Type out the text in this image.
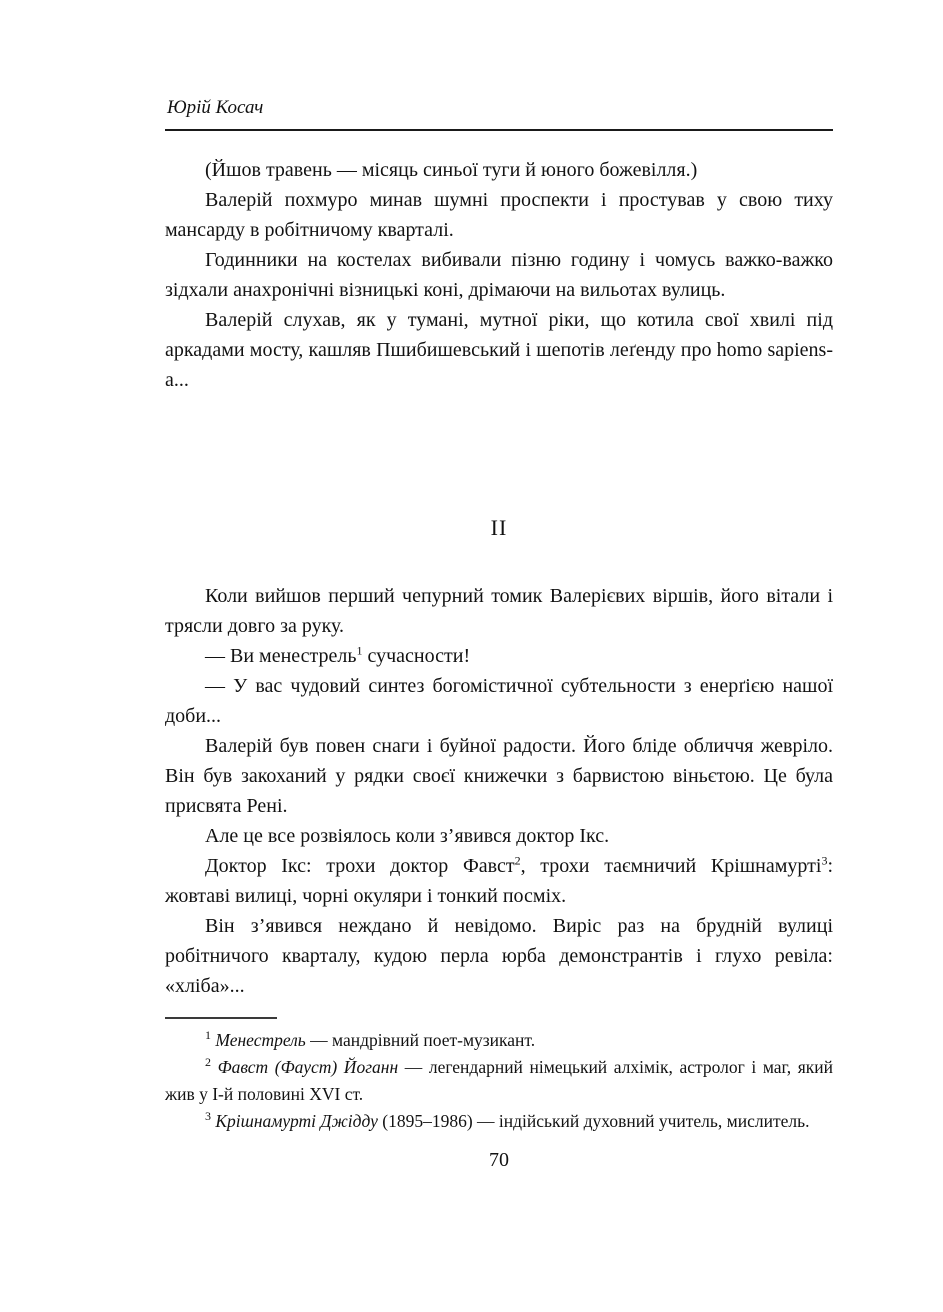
Юрій Косач

(Йшов травень — місяць синьої туги й юного божевілля.)

Валерій похмуро минав шумні проспекти і простував у свою тиху мансарду в робітничому кварталі.

Годинники на костелах вибивали пізню годину і чомусь важко-важко зідхали анахронічні візницькі коні, дрімаючи на вильотах вулиць.

Валерій слухав, як у тумані, мутної ріки, що котила свої хвилі під аркадами мосту, кашляв Пшибишевський і шепотів леґенду про homo sapiens-a...

II

Коли вийшов перший чепурний томик Валерієвих віршів, його вітали і трясли довго за руку.

— Ви менестрель$^1$ сучасности!

— У вас чудовий синтез богомістичної субтельности з енерґією нашої доби...

Валерій був повен снаги і буйної радости. Його бліде обличчя жевріло. Він був закоханий у рядки своєї книжечки з барвистою віньєтою. Це була присвята Рені.

Але це все розвіялось коли з’явився доктор Ікс.

Доктор Ікс: трохи доктор Фавст$^2$, трохи таємничий Крішнамурті$^3$: жовтаві вилиці, чорні окуляри і тонкий посміх.

Він з’явився неждано й невідомо. Виріс раз на брудній вулиці робітничого кварталу, кудою перла юрба демонстрантів і глухо ревіла: «хліба»...

$^1$ Менестрель — мандрівний поет-музикант.

$^2$ Фавст (Фауст) Йоганн — легендарний німецький алхімік, астролог і маг, який жив у І-й половині XVI ст.

$^3$ Крішнамурті Джідду (1895–1986) — індійський духовний учитель, мислитель.

70
